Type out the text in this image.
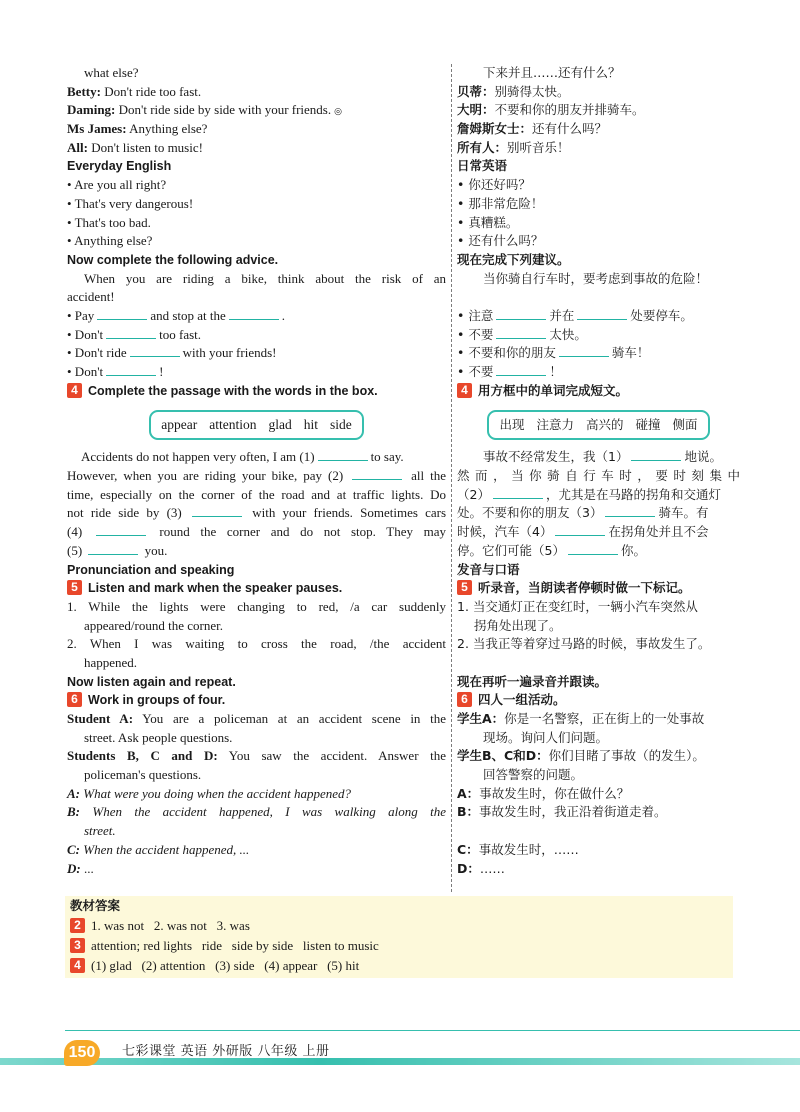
what else?
Betty: Don't ride too fast.
Daming: Don't ride side by side with your friends. ◎
Ms James: Anything else?
All: Don't listen to music!
Everyday English
• Are you all right?
• That's very dangerous!
• That's too bad.
• Anything else?
Now complete the following advice.
When you are riding a bike, think about the risk of an
accident!
• Pay	and stop at the	.
• Don't	too fast.
• Don't ride	with your friends!
• Don't	!
4 Complete the passage with the words in the box.
appear attention glad hit side
Accidents do not happen very often, I am (1)	to say.
However, when you are riding your bike, pay (2)	all the
time, especially on the corner of the road and at traffic lights. Do
not ride side by (3)	with your friends. Sometimes cars
(4)	round the corner and do not stop. They may
(5)	you.
Pronunciation and speaking
5 Listen and mark when the speaker pauses.
1. While the lights were changing to red, /a car suddenly
appeared/round the corner.
2. When I was waiting to cross the road, /the accident
happened.
Now listen again and repeat.
6 Work in groups of four.
Student A: You are a policeman at an accident scene in the
street. Ask people questions.
Students B, C and D: You saw the accident. Answer the
policeman's questions.
A: What were you doing when the accident happened?
B: When the accident happened, I was walking along the
street.
C: When the accident happened, ...
D: ...
下来并且……还有什么？
贝蒂：别骑得太快。
大明：不要和你的朋友并排骑车。
詹姆斯女士：还有什么吗？
所有人：别听音乐！
日常英语
• 你还好吗？
• 那非常危险！
• 真糟糕。
• 还有什么吗？
现在完成下列建议。
当你骑自行车时，要考虑到事故的危险！
• 注意	并在	处要停车。
• 不要	太快。
• 不要和你的朋友	骑车！
• 不要	！
4 用方框中的单词完成短文。
出现 注意力 高兴的 碰撞 侧面
事故不经常发生，我（1）	地说。
然而，当你骑自行车时，要时刻集中
（2）	，尤其是在马路的拐角和交通灯
处。不要和你的朋友（3）	骑车。有
时候，汽车（4）	在拐角处并且不会
停。它们可能（5）	你。
发音与口语
5 听录音，当朗读者停顿时做一下标记。
1. 当交通灯正在变红时，一辆小汽车突然从
拐角处出现了。
2. 当我正等着穿过马路的时候，事故发生了。
现在再听一遍录音并跟读。
6 四人一组活动。
学生A：你是一名警察，正在街上的一处事故
现场。询问人们问题。
学生B、C和D：你们目睹了事故（的发生）。
回答警察的问题。
A：事故发生时，你在做什么？
B：事故发生时，我正沿着街道走着。
C：事故发生时，……
D：……
教材答案
2 1. was not   2. was not   3. was
3 attention; red lights   ride   side by side   listen to music
4 (1) glad   (2) attention   (3) side   (4) appear   (5) hit
150	七彩课堂 英语 外研版 八年级 上册
